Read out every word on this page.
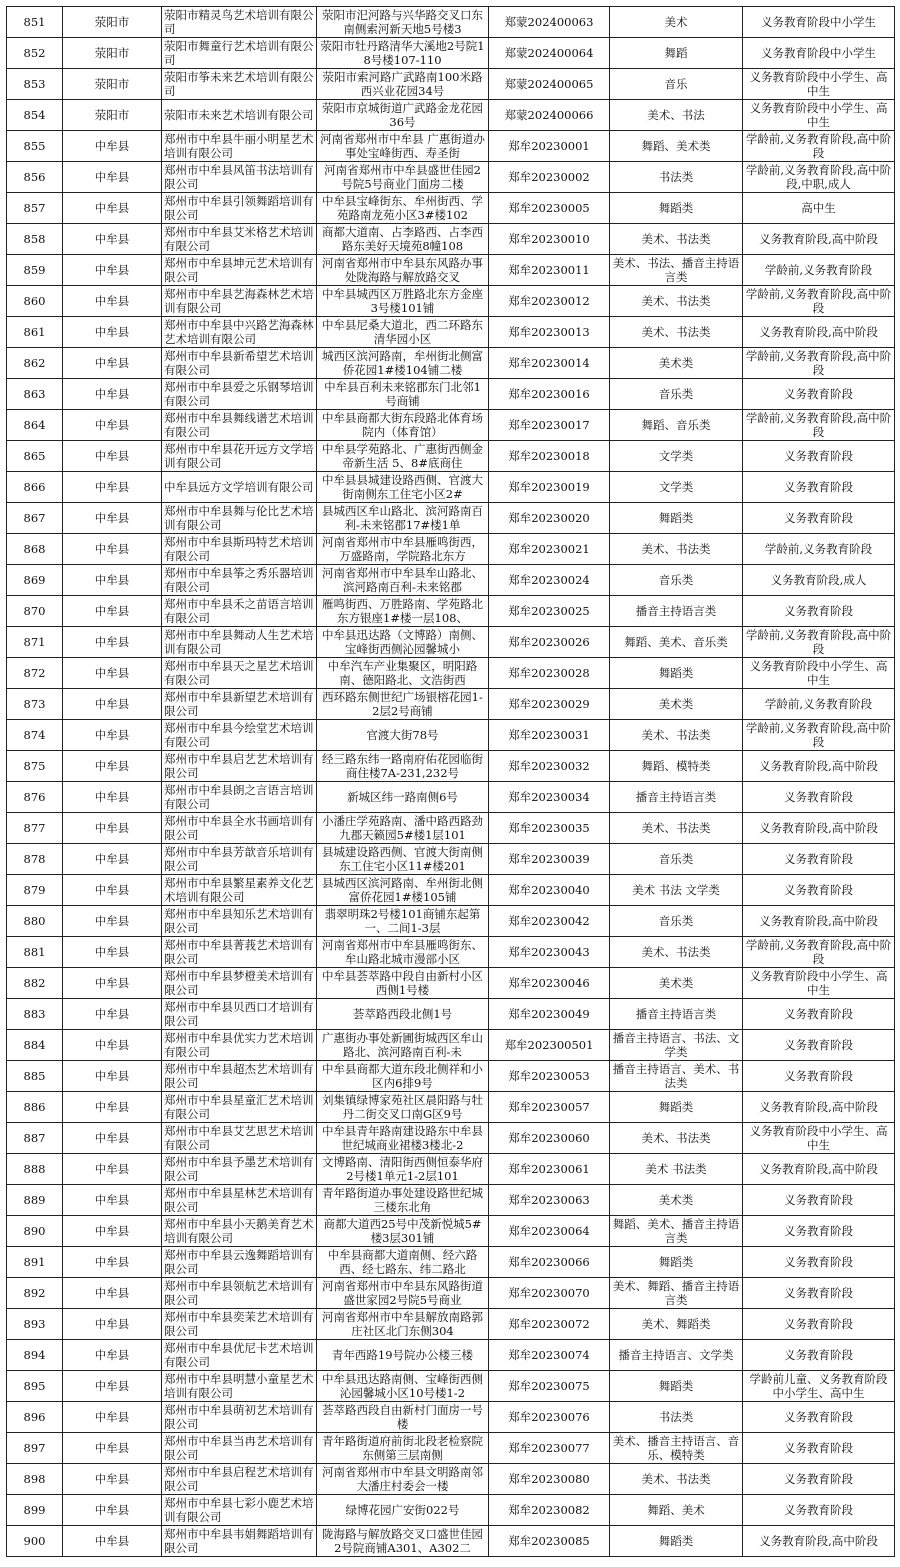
851	荥阳市	荥阳市精灵鸟艺术培训有限公司	荥阳市汜河路与兴华路交叉口东南侧索河新天地5号楼3	郑蒙202400063	美术	义务教育阶段中小学生

852	荥阳市	荥阳市舞童行艺术培训有限公司	荥阳市牡丹路清华大溪地2号院18号楼107-110	郑蒙202400064	舞蹈	义务教育阶段中小学生

853	荥阳市	荥阳市筝未来艺术培训有限公司	荥阳市索河路广武路南100米路西兴业花园34号	郑蒙202400065	音乐	义务教育阶段中小学生、高中生

854	荥阳市	荥阳市未来艺术培训有限公司	荥阳市京城街道广武路金龙花园36号	郑蒙202400066	美术、书法	义务教育阶段中小学生、高中生

855	中牟县	郑州市中牟县牛丽小明星艺术培训有限公司	河南省郑州市中牟县 广惠街道办事处宝峰街西、寿圣街	郑牟20230001	舞蹈、美术类	学龄前,义务教育阶段,高中阶段

856	中牟县	郑州市中牟县风笛书法培训有限公司	河南省郑州市中牟县盛世佳园2号院5号商业门面房二楼	郑牟20230002	书法类	学龄前,义务教育阶段,高中阶段,中职,成人

857	中牟县	郑州市中牟县引领舞蹈培训有限公司	中牟县宝峰街东、牟州街西、学苑路南龙苑小区3#楼102	郑牟20230005	舞蹈类	高中生

858	中牟县	郑州市中牟县艾米格艺术培训有限公司	商都大道南、占李路西、占李西路东美好天境苑8幢108	郑牟20230010	美术、书法类	义务教育阶段,高中阶段

859	中牟县	郑州市中牟县坤元艺术培训有限公司	河南省郑州市中牟县东风路办事处陇海路与解放路交叉	郑牟20230011	美术、书法、播音主持语言类	学龄前,义务教育阶段

860	中牟县	郑州市中牟县艺海森林艺术培训有限公司	中牟县城西区万胜路北东方金座3号楼101铺	郑牟20230012	美术、书法类	学龄前,义务教育阶段,高中阶段

861	中牟县	郑州市中牟县中兴路艺海森林艺术培训有限公司	中牟县尼桑大道北，西二环路东清华园小区	郑牟20230013	美术、书法类	义务教育阶段,高中阶段

862	中牟县	郑州市中牟县新希望艺术培训有限公司	城西区滨河路南，牟州街北侧富侨花园1#楼104铺二楼	郑牟20230014	美术类	学龄前,义务教育阶段,高中阶段

863	中牟县	郑州市中牟县爱之乐钢琴培训有限公司	中牟县百利未来铭郡东门北邻1号商铺	郑牟20230016	音乐类	义务教育阶段

864	中牟县	郑州市中牟县舞线谱艺术培训有限公司	中牟县商都大街东段路北体育场院内（体育馆）	郑牟20230017	舞蹈、音乐类	学龄前,义务教育阶段,高中阶段

865	中牟县	郑州市中牟县花开远方文学培训有限公司	中牟县学苑路北、广惠街西侧金帝新生活 5、8#底商住	郑牟20230018	文学类	义务教育阶段

866	中牟县	中牟县远方文学培训有限公司	中牟县县城建设路西侧、官渡大街南侧东工住宅小区2#	郑牟20230019	文学类	义务教育阶段

867	中牟县	郑州市中牟县舞与伦比艺术培训有限公司	县城西区牟山路北、滨河路南百利-未来铭郡17#楼1单	郑牟20230020	舞蹈类	义务教育阶段

868	中牟县	郑州市中牟县斯玛特艺术培训有限公司	河南省郑州市中牟县雁鸣街西，万盛路南，学院路北东方	郑牟20230021	美术、书法类	学龄前,义务教育阶段

869	中牟县	郑州市中牟县筝之秀乐器培训有限公司	河南省郑州市中牟县牟山路北、滨河路南百利-未来铭郡	郑牟20230024	音乐类	义务教育阶段,成人

870	中牟县	郑州市中牟县禾之苗语言培训有限公司	雁鸣街西、万胜路南、学苑路北东方银座1#楼一层108、	郑牟20230025	播音主持语言类	义务教育阶段

871	中牟县	郑州市中牟县舞动人生艺术培训有限公司	中牟县迅达路（文博路）南侧、宝峰街西侧沁园馨城小	郑牟20230026	舞蹈、美术、音乐类	学龄前,义务教育阶段,高中阶段

872	中牟县	郑州市中牟县天之星艺术培训有限公司	中牟汽车产业集聚区，明阳路南、德阳路北、文浩街西	郑牟20230028	舞蹈类	义务教育阶段中小学生、高中生

873	中牟县	郑州市中牟县新望艺术培训有限公司	西环路东侧世纪广场银榕花园1-2层2号商铺	郑牟20230029	美术类	学龄前,义务教育阶段

874	中牟县	郑州市中牟县今绘堂艺术培训有限公司	官渡大街78号	郑牟20230031	美术、书法类	学龄前,义务教育阶段,高中阶段

875	中牟县	郑州市中牟县启艺艺术培训有限公司	经三路东纬一路南府佑花园临街商住楼7A-231,232号	郑牟20230032	舞蹈、模特类	义务教育阶段,高中阶段

876	中牟县	郑州市中牟县朗之言语言培训有限公司	新城区纬一路南侧6号	郑牟20230034	播音主持语言类	义务教育阶段

877	中牟县	郑州市中牟县全水书画培训有限公司	小潘庄学苑路南、潘中路西路劲九郡天籁园5#楼1层101	郑牟20230035	美术、书法类	义务教育阶段,高中阶段

878	中牟县	郑州市中牟县芳歆音乐培训有限公司	县城建设路西侧、官渡大街南侧东工住宅小区11#楼201	郑牟20230039	音乐类	义务教育阶段

879	中牟县	郑州市中牟县繁星素养文化艺术培训有限公司	县城西区滨河路南、牟州街北侧富侨花园1#楼105铺	郑牟20230040	美术 书法 文学类	义务教育阶段

880	中牟县	郑州市中牟县知乐艺术培训有限公司	翡翠明珠2号楼101商铺东起第一、二间1-3层	郑牟20230042	音乐类	义务教育阶段,高中阶段

881	中牟县	郑州市中牟县菁莪艺术培训有限公司	河南省郑州市中牟县雁鸣街东、牟山路北城市漫部小区	郑牟20230043	美术、书法类	学龄前,义务教育阶段,高中阶段

882	中牟县	郑州市中牟县梦橙美术培训有限公司	中牟县荟萃路中段自由新村小区西侧1号楼	郑牟20230046	美术类	义务教育阶段中小学生、高中生

883	中牟县	郑州市中牟县贝西口才培训有限公司	荟萃路西段北侧1号	郑牟20230049	播音主持语言类	义务教育阶段

884	中牟县	郑州市中牟县优实力艺术培训有限公司	广惠街办事处新圃街城西区牟山路北、滨河路南百利-未	郑牟202300501	播音主持语言、书法、文学类	义务教育阶段

885	中牟县	郑州市中牟县超杰艺术培训有限公司	中牟县商都大道东段北侧祥和小区内6排9号	郑牟20230053	播音主持语言、美术、书法类	义务教育阶段

886	中牟县	郑州市中牟县星童汇艺术培训有限公司	刘集镇绿博家苑社区晨阳路与牡丹二街交叉口南G区9号	郑牟20230057	舞蹈类	义务教育阶段,高中阶段

887	中牟县	郑州市中牟县艾艺思艺术培训有限公司	中牟县青年路南建设路东中牟县世纪城商业裙楼3楼北-2	郑牟20230060	美术、书法类	义务教育阶段中小学生、高中生

888	中牟县	郑州市中牟县予墨艺术培训有限公司	文博路南、清阳街西侧恒泰华府2号楼1单元1-2层101	郑牟20230061	美术 书法类	义务教育阶段,高中阶段

889	中牟县	郑州市中牟县星林艺术培训有限公司	青年路街道办事处建设路世纪城三楼东北角	郑牟20230063	美术类	义务教育阶段

890	中牟县	郑州市中牟县小天鹅美育艺术培训有限公司	商都大道西25号中茂新悦城5#楼3层301铺	郑牟20230064	舞蹈、美术、播音主持语言类	义务教育阶段

891	中牟县	郑州市中牟县云逸舞蹈培训有限公司	中牟县商都大道南侧、经六路西、经七路东、纬二路北	郑牟20230066	舞蹈类	义务教育阶段

892	中牟县	郑州市中牟县领航艺术培训有限公司	河南省郑州市中牟县东风路街道盛世家园2号院5号商业	郑牟20230070	美术、舞蹈、播音主持语言类	义务教育阶段

893	中牟县	郑州市中牟县奕茉艺术培训有限公司	河南省郑州市中牟县解放南路郭庄社区北门东侧304	郑牟20230072	美术、舞蹈类	义务教育阶段

894	中牟县	郑州市中牟县优尼卡艺术培训有限公司	青年西路19号院办公楼三楼	郑牟20230074	播音主持语言、文学类	义务教育阶段

895	中牟县	郑州市中牟县明慧小童星艺术培训有限公司	中牟县迅达路南侧、宝峰街西侧沁园馨城小区10号楼1-2	郑牟20230075	舞蹈类	学龄前儿童、义务教育阶段中小学生、高中生

896	中牟县	郑州市中牟县萌初艺术培训有限公司	荟萃路西段自由新村门面房一号楼	郑牟20230076	书法类	义务教育阶段

897	中牟县	郑州市中牟县当冉艺术培训有限公司	青年路街道府前街北段老检察院东侧第三层南侧	郑牟20230077	美术、播音主持语言、音乐、模特类	义务教育阶段

898	中牟县	郑州市中牟县启程艺术培训有限公司	河南省郑州市中牟县文明路南邻大潘庄村委会一楼	郑牟20230080	美术、书法类	义务教育阶段

899	中牟县	郑州市中牟县七彩小鹿艺术培训有限公司	绿博花园广安街022号	郑牟20230082	舞蹈、美术	义务教育阶段

900	中牟县	郑州市中牟县韦娟舞蹈培训有限公司	陇海路与解放路交叉口盛世佳园2号院商铺A301、A302二	郑牟20230085	舞蹈类	义务教育阶段,高中阶段
